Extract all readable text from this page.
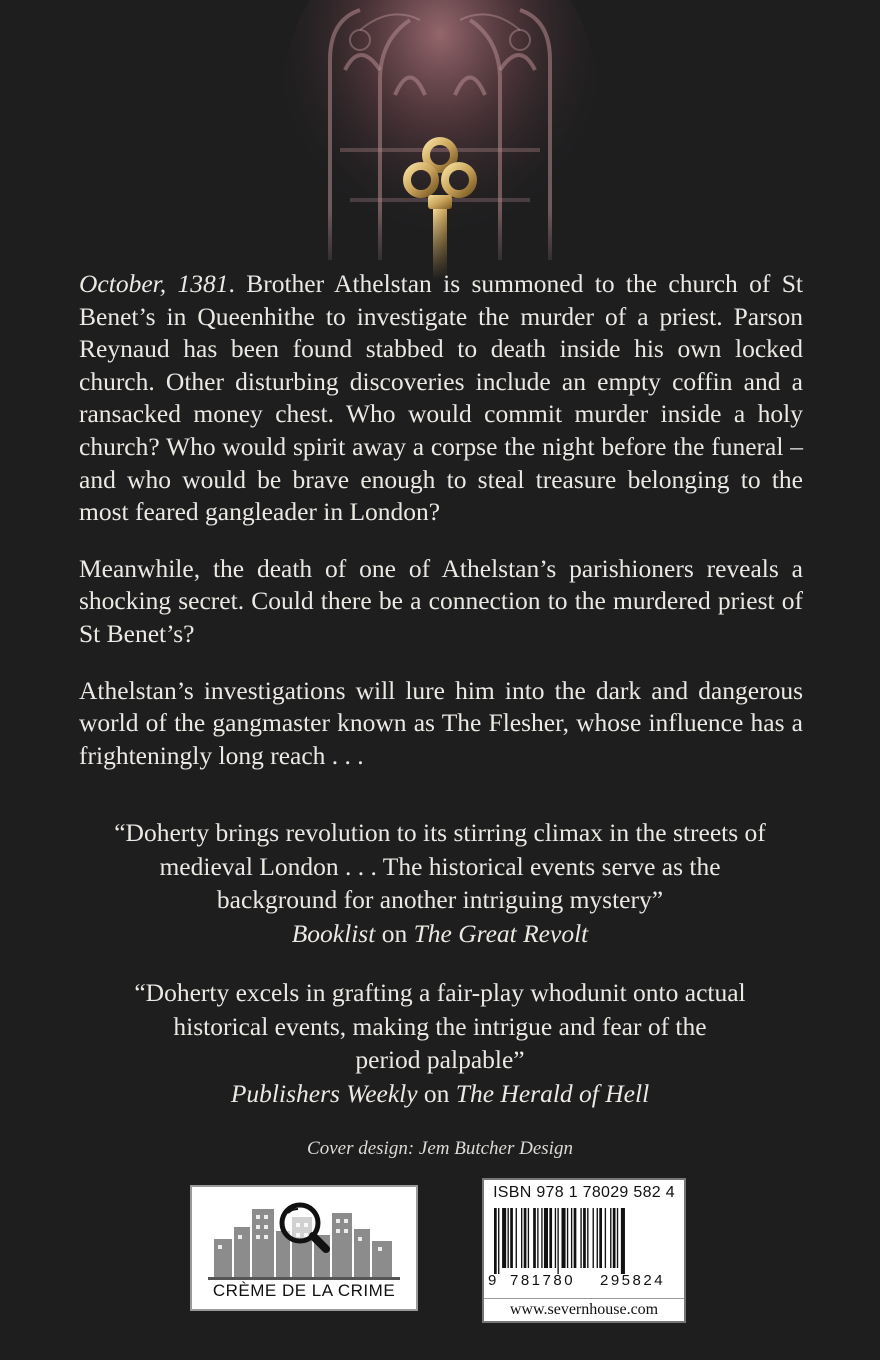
October, 1381. Brother Athelstan is summoned to the church of St Benet’s in Queenhithe to investigate the murder of a priest. Parson Reynaud has been found stabbed to death inside his own locked church. Other disturbing discoveries include an empty coffin and a ransacked money chest. Who would commit murder inside a holy church? Who would spirit away a corpse the night before the funeral – and who would be brave enough to steal treasure belonging to the most feared gangleader in London?

Meanwhile, the death of one of Athelstan’s parishioners reveals a shocking secret. Could there be a connection to the murdered priest of St Benet’s?

Athelstan’s investigations will lure him into the dark and dangerous world of the gangmaster known as The Flesher, whose influence has a frighteningly long reach . . .

“Doherty brings revolution to its stirring climax in the streets of
medieval London . . . The historical events serve as the
background for another intriguing mystery”
Booklist on The Great Revolt
“Doherty excels in grafting a fair-play whodunit onto actual
historical events, making the intrigue and fear of the
period palpable”
Publishers Weekly on The Herald of Hell
Cover design: Jem Butcher Design
CRÈME DE LA CRIME
ISBN 978 1 78029 582 4
9 781780 295824
www.severnhouse.com
